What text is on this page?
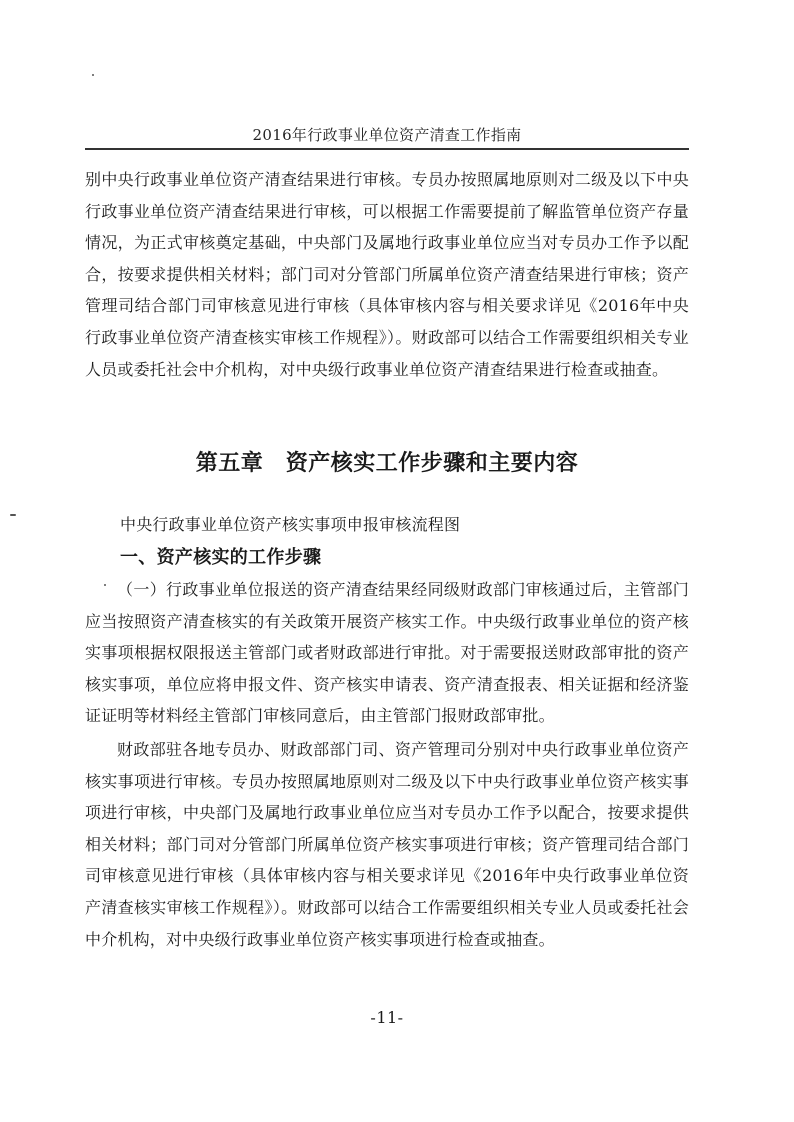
2016年行政事业单位资产清查工作指南

别中央行政事业单位资产清查结果进行审核。专员办按照属地原则对二级及以下中央行政事业单位资产清查结果进行审核，可以根据工作需要提前了解监管单位资产存量情况，为正式审核奠定基础，中央部门及属地行政事业单位应当对专员办工作予以配合，按要求提供相关材料；部门司对分管部门所属单位资产清查结果进行审核；资产管理司结合部门司审核意见进行审核（具体审核内容与相关要求详见《2016年中央行政事业单位资产清查核实审核工作规程》）。财政部可以结合工作需要组织相关专业人员或委托社会中介机构，对中央级行政事业单位资产清查结果进行检查或抽查。

第五章　资产核实工作步骤和主要内容
中央行政事业单位资产核实事项申报审核流程图
一、资产核实的工作步骤

（一）行政事业单位报送的资产清查结果经同级财政部门审核通过后，主管部门应当按照资产清查核实的有关政策开展资产核实工作。中央级行政事业单位的资产核实事项根据权限报送主管部门或者财政部进行审批。对于需要报送财政部审批的资产核实事项，单位应将申报文件、资产核实申请表、资产清查报表、相关证据和经济鉴证证明等材料经主管部门审核同意后，由主管部门报财政部审批。

财政部驻各地专员办、财政部部门司、资产管理司分别对中央行政事业单位资产核实事项进行审核。专员办按照属地原则对二级及以下中央行政事业单位资产核实事项进行审核，中央部门及属地行政事业单位应当对专员办工作予以配合，按要求提供相关材料；部门司对分管部门所属单位资产核实事项进行审核；资产管理司结合部门司审核意见进行审核（具体审核内容与相关要求详见《2016年中央行政事业单位资产清查核实审核工作规程》）。财政部可以结合工作需要组织相关专业人员或委托社会中介机构，对中央级行政事业单位资产核实事项进行检查或抽查。

-11-
